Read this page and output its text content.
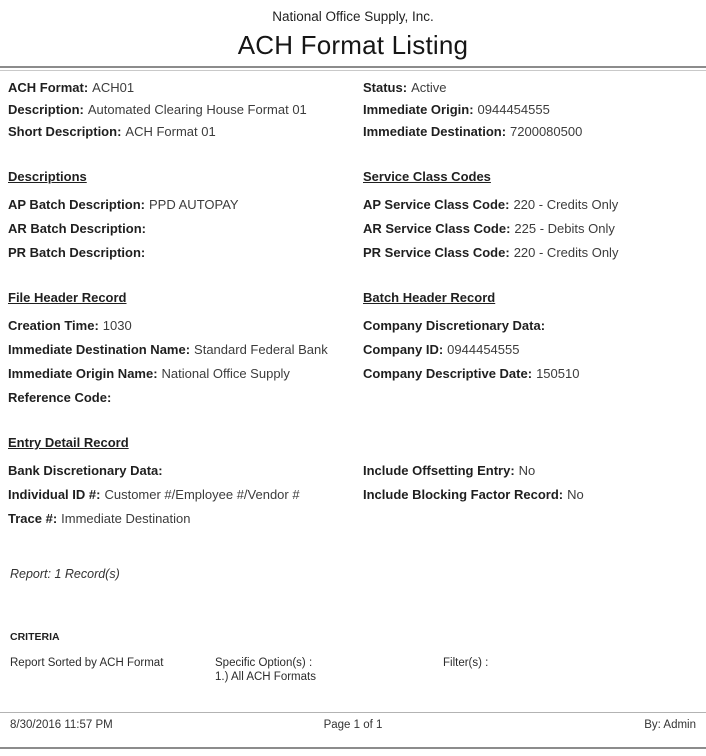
National Office Supply, Inc.
ACH Format Listing
ACH Format: ACH01
Description: Automated Clearing House Format 01
Short Description: ACH Format 01
Status: Active
Immediate Origin: 0944454555
Immediate Destination: 7200080500
Descriptions
AP Batch Description: PPD AUTOPAY
AR Batch Description:
PR Batch Description:
Service Class Codes
AP Service Class Code: 220 - Credits Only
AR Service Class Code: 225 - Debits Only
PR Service Class Code: 220 - Credits Only
File Header Record
Creation Time: 1030
Immediate Destination Name: Standard Federal Bank
Immediate Origin Name: National Office Supply
Reference Code:
Batch Header Record
Company Discretionary Data:
Company ID: 0944454555
Company Descriptive Date: 150510
Entry Detail Record
Bank Discretionary Data:
Individual ID #: Customer #/Employee #/Vendor #
Trace #: Immediate Destination
Include Offsetting Entry: No
Include Blocking Factor Record: No
Report: 1 Record(s)
CRITERIA
Report Sorted by ACH Format	Specific Option(s) :
1.) All ACH Formats
Filter(s) :
8/30/2016 11:57 PM	Page 1 of 1	By: Admin
